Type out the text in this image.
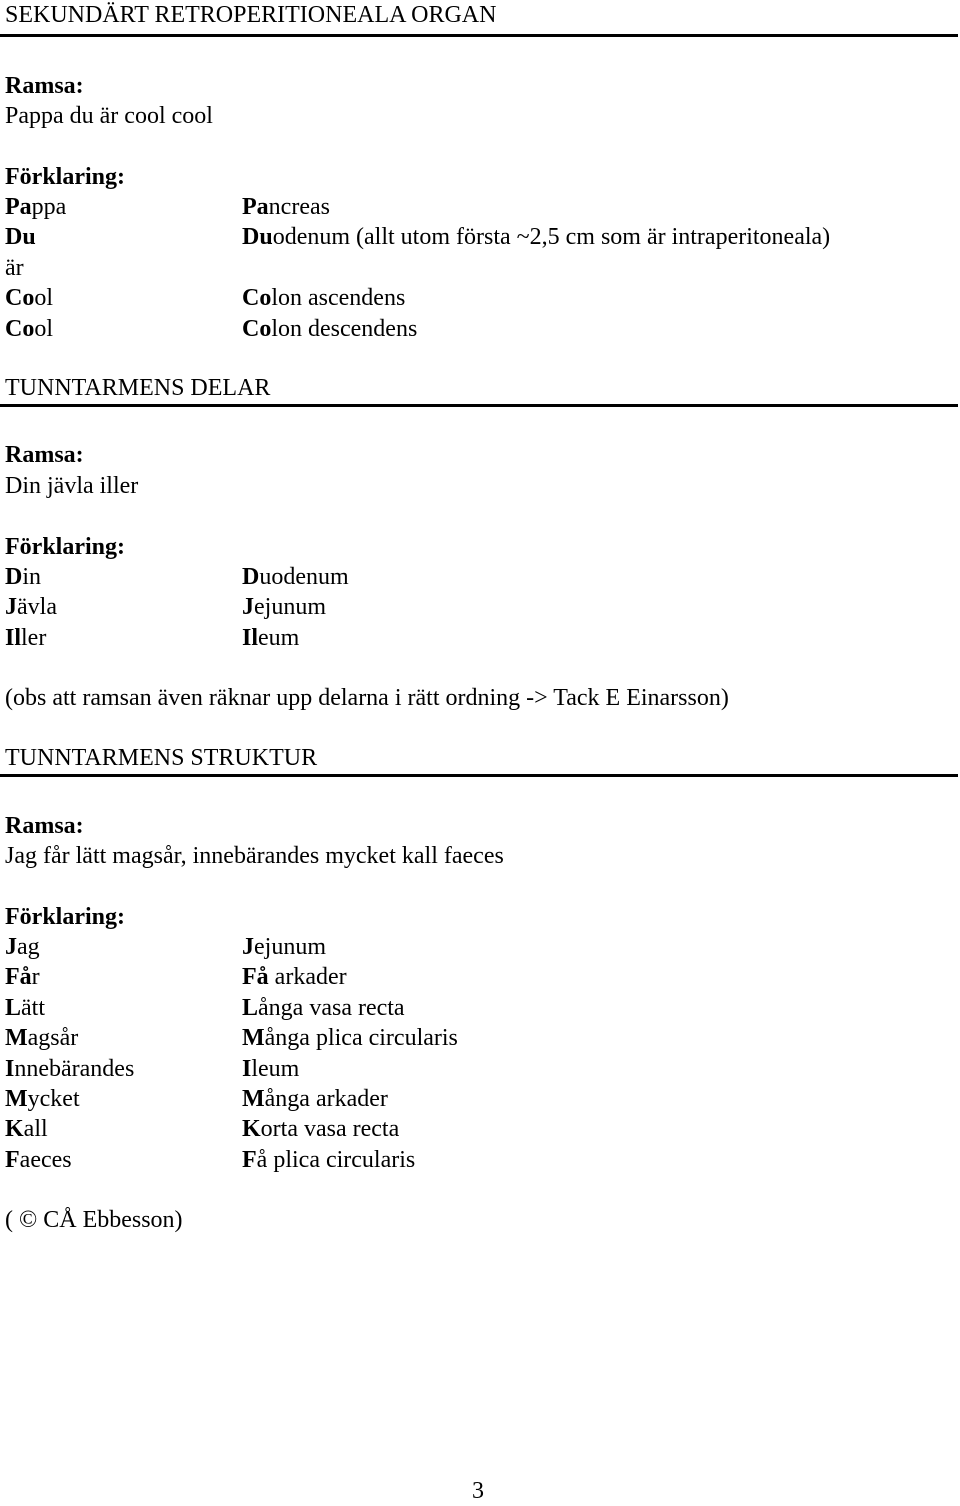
SEKUNDÄRT RETROPERITIONEALA ORGAN
Ramsa:
Pappa du är cool cool
Förklaring:
Pappa	Pancreas
Du	Duodenum (allt utom första ~2,5 cm som är intraperitoneala)
är
Cool	Colon ascendens
Cool	Colon descendens
TUNNTARMENS DELAR
Ramsa:
Din jävla iller
Förklaring:
Din	Duodenum
Jävla	Jejunum
Iller	Ileum
(obs att ramsan även räknar upp delarna i rätt ordning -> Tack E Einarsson)
TUNNTARMENS STRUKTUR
Ramsa:
Jag får lätt magsår, innebärandes mycket kall faeces
Förklaring:
Jag	Jejunum
Får	Få arkader
Lätt	Långa vasa recta
Magsår	Många plica circularis
Innebärandes	Ileum
Mycket	Många arkader
Kall	Korta vasa recta
Faeces	Få plica circularis
( © CÅ Ebbesson)
3
